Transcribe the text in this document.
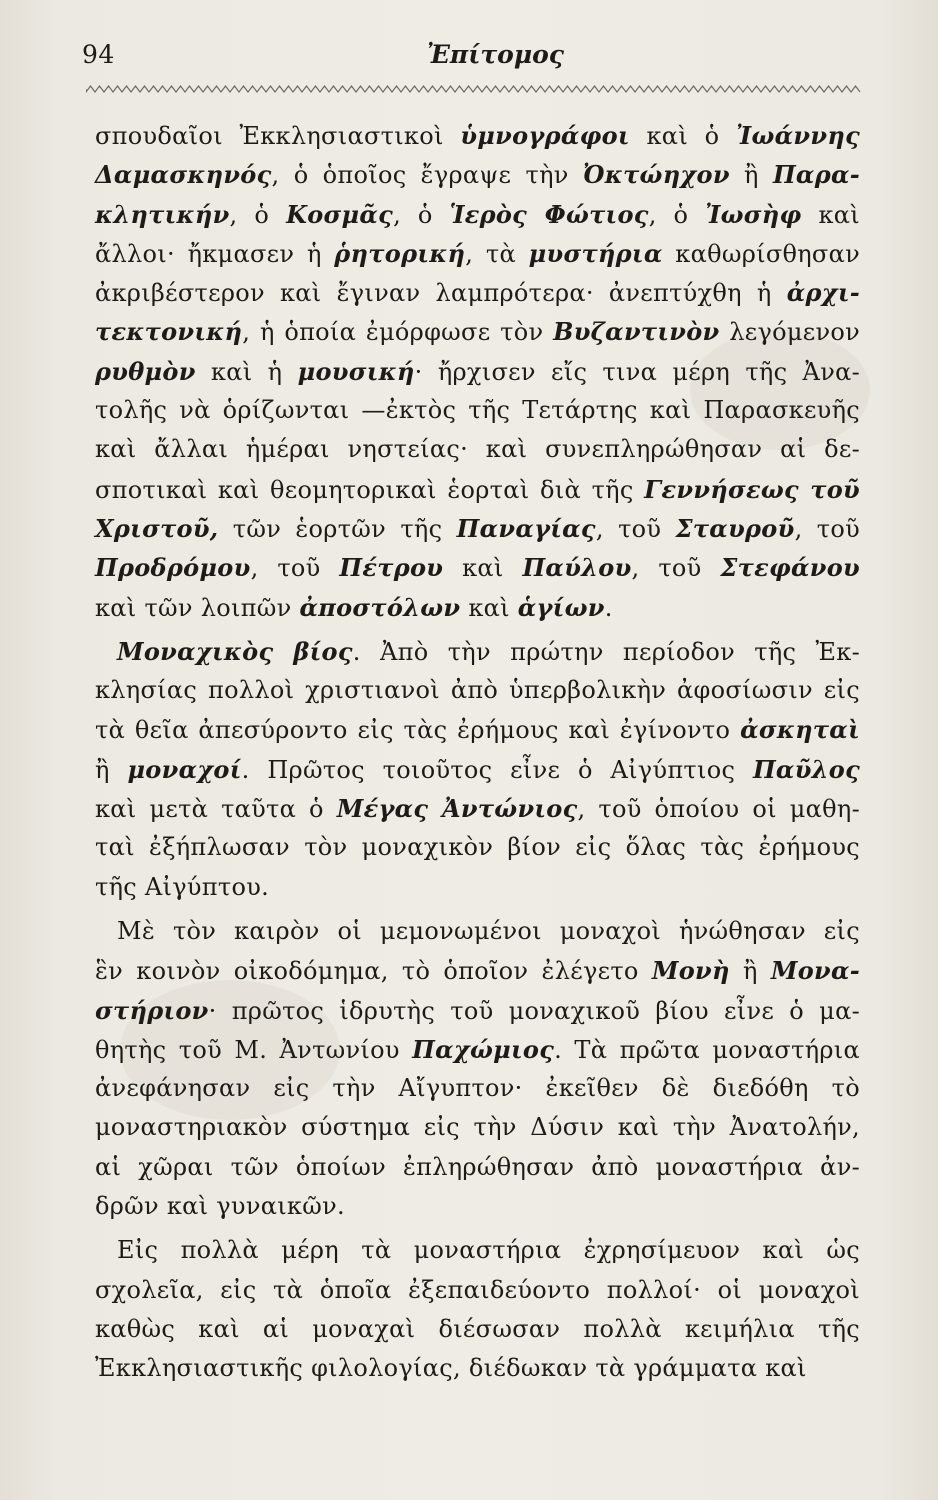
94	Ἐπίτομος
σπουδαῖοι Ἐκκλησιαστικοὶ ὑμνογράφοι καὶ ὁ Ἰωάννης
Δαμασκηνός, ὁ ὁποῖος ἔγραψε τὴν Ὀκτώηχον ἢ Παρα-
κλητικήν, ὁ Κοσμᾶς, ὁ Ἱερὸς Φώτιος, ὁ Ἰωσὴφ καὶ
ἄλλοι· ἤκμασεν ἡ ῥητορική, τὰ μυστήρια καθωρίσθησαν
ἀκριβέστερον καὶ ἔγιναν λαμπρότερα· ἀνεπτύχθη ἡ ἀρχι-
τεκτονική, ἡ ὁποία ἐμόρφωσε τὸν Βυζαντινὸν λεγόμενον
ρυθμὸν καὶ ἡ μουσική· ἤρχισεν εἴς τινα μέρη τῆς Ἀνα-
τολῆς νὰ ὁρίζωνται —ἐκτὸς τῆς Τετάρτης καὶ Παρασκευῆς
καὶ ἄλλαι ἡμέραι νηστείας· καὶ συνεπληρώθησαν αἱ δε-
σποτικαὶ καὶ θεομητορικαὶ ἑορταὶ διὰ τῆς Γεννήσεως τοῦ
Χριστοῦ, τῶν ἑορτῶν τῆς Παναγίας, τοῦ Σταυροῦ, τοῦ
Προδρόμου, τοῦ Πέτρου καὶ Παύλου, τοῦ Στεφάνου
καὶ τῶν λοιπῶν ἀποστόλων καὶ ἁγίων.
Μοναχικὸς βίος. Ἀπὸ τὴν πρώτην περίοδον τῆς Ἐκ-
κλησίας πολλοὶ χριστιανοὶ ἀπὸ ὑπερβολικὴν ἀφοσίωσιν εἰς
τὰ θεῖα ἀπεσύροντο εἰς τὰς ἐρήμους καὶ ἐγίνοντο ἀσκηταὶ
ἢ μοναχοί. Πρῶτος τοιοῦτος εἶνε ὁ Αἰγύπτιος Παῦλος
καὶ μετὰ ταῦτα ὁ Μέγας Ἀντώνιος, τοῦ ὁποίου οἱ μαθη-
ταὶ ἐξήπλωσαν τὸν μοναχικὸν βίον εἰς ὅλας τὰς ἐρήμους
τῆς Αἰγύπτου.
Μὲ τὸν καιρὸν οἱ μεμονωμένοι μοναχοὶ ἡνώθησαν εἰς
ἓν κοινὸν οἰκοδόμημα, τὸ ὁποῖον ἐλέγετο Μονὴ ἢ Μονα-
στήριον· πρῶτος ἱδρυτὴς τοῦ μοναχικοῦ βίου εἶνε ὁ μα-
θητὴς τοῦ Μ. Ἀντωνίου Παχώμιος. Τὰ πρῶτα μοναστήρια
ἀνεφάνησαν εἰς τὴν Αἴγυπτον· ἐκεῖθεν δὲ διεδόθη τὸ
μοναστηριακὸν σύστημα εἰς τὴν Δύσιν καὶ τὴν Ἀνατολήν,
αἱ χῶραι τῶν ὁποίων ἐπληρώθησαν ἀπὸ μοναστήρια ἀν-
δρῶν καὶ γυναικῶν.
Εἰς πολλὰ μέρη τὰ μοναστήρια ἐχρησίμευον καὶ ὡς
σχολεῖα, εἰς τὰ ὁποῖα ἐξεπαιδεύοντο πολλοί· οἱ μοναχοὶ
καθὼς καὶ αἱ μοναχαὶ διέσωσαν πολλὰ κειμήλια τῆς
Ἐκκλησιαστικῆς φιλολογίας, διέδωκαν τὰ γράμματα καὶ
